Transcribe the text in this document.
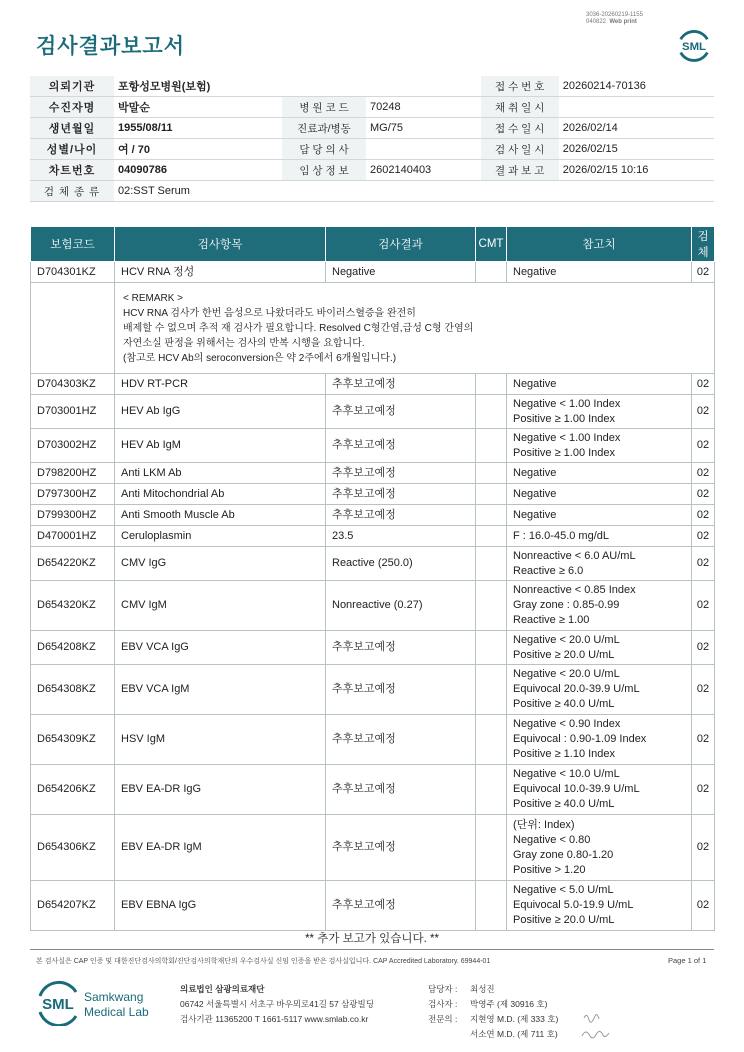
검사결과보고서
3036-20260219-1155
040822 Web print
SML
의뢰기관	포항성모병원(보험)			접 수 번 호	20260214-70136
수진자명	박말순	병 원 코 드	70248	채 취 일 시	
생년월일	1955/08/11	진료과/병동	MG/75	접 수 일 시	2026/02/14
성별/나이	여 / 70	담 당 의 사		검 사 일 시	2026/02/15
차트번호	04090786	임 상 정 보	2602140403	결 과 보 고	2026/02/15 10:16
검 체 종 류	02:SST Serum				
보험코드	검사항목	검사결과	CMT	참고치	검체
D704301KZ	HCV RNA 정성	Negative		Negative	02

	< REMARK >
HCV RNA 검사가 한번 음성으로 나왔더라도 바이러스혈증을 완전히
배제할 수 없으며 추적 재 검사가 필요합니다. Resolved C형간염,급성 C형 간염의
자연소실 판정을 위해서는 검사의 반복 시행을 요합니다.
(참고로 HCV Ab의 seroconversion은 약 2주에서 6개월입니다.)				

D704303KZ	HDV RT-PCR	추후보고예정		Negative	02
D703001HZ	HEV Ab IgG	추후보고예정		Negative < 1.00 Index
Positive ≥ 1.00 Index	02
D703002HZ	HEV Ab IgM	추후보고예정		Negative < 1.00 Index
Positive ≥ 1.00 Index	02
D798200HZ	Anti LKM Ab	추후보고예정		Negative	02
D797300HZ	Anti Mitochondrial Ab	추후보고예정		Negative	02
D799300HZ	Anti Smooth Muscle Ab	추후보고예정		Negative	02
D470001HZ	Ceruloplasmin	23.5		F : 16.0-45.0 mg/dL	02
D654220KZ	CMV IgG	Reactive (250.0)		Nonreactive < 6.0 AU/mL
Reactive ≥ 6.0	02
D654320KZ	CMV IgM	Nonreactive (0.27)		Nonreactive < 0.85 Index
Gray zone : 0.85-0.99
Reactive ≥ 1.00	02
D654208KZ	EBV VCA IgG	추후보고예정		Negative < 20.0 U/mL
Positive ≥ 20.0 U/mL	02
D654308KZ	EBV VCA IgM	추후보고예정		Negative < 20.0 U/mL
Equivocal 20.0-39.9 U/mL
Positive ≥ 40.0 U/mL	02
D654309KZ	HSV IgM	추후보고예정		Negative < 0.90 Index
Equivocal : 0.90-1.09 Index
Positive ≥ 1.10 Index	02
D654206KZ	EBV EA-DR IgG	추후보고예정		Negative < 10.0 U/mL
Equivocal 10.0-39.9 U/mL
Positive ≥ 40.0 U/mL	02
D654306KZ	EBV EA-DR IgM	추후보고예정		(단위: Index)
Negative < 0.80
Gray zone 0.80-1.20
Positive > 1.20	02
D654207KZ	EBV EBNA IgG	추후보고예정		Negative < 5.0 U/mL
Equivocal 5.0-19.9 U/mL
Positive ≥ 20.0 U/mL	02
** 추가 보고가 있습니다. **
본 검사실은 CAP 인증 및 대한진단검사의학회/진단검사의학재단의 우수검사실 신임 인증을 받은 검사실입니다. CAP Accredited Laboratory. 69944-01	Page 1 of 1
SML Samkwang
Medical Lab
의료법인 삼광의료재단
06742 서울특별시 서초구 바우뫼로41길 57 삼광빌딩
검사기관 11365200 T 1661-5117 www.smlab.co.kr
담당자 : 최성진
검사자 : 박영주 (제 30916 호)
전문의 : 지현영 M.D. (제 333 호)
서소연 M.D. (제 711 호)
